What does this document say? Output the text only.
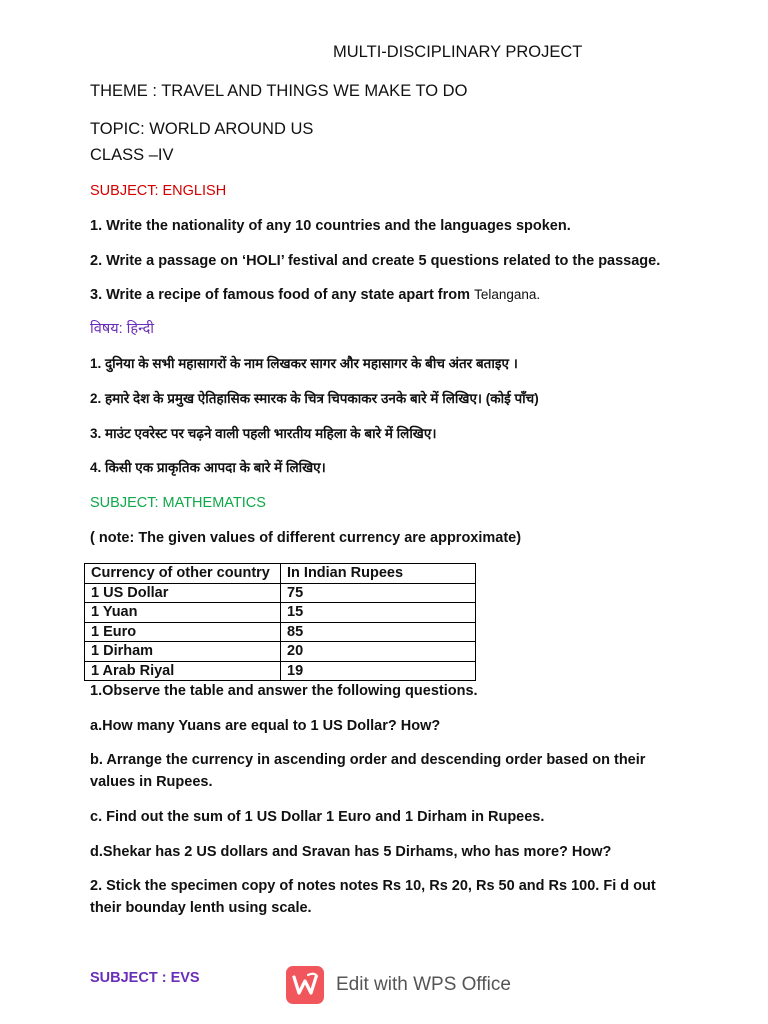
MULTI-DISCIPLINARY PROJECT
THEME : TRAVEL AND THINGS WE MAKE TO DO
TOPIC: WORLD AROUND US
CLASS –IV
SUBJECT: ENGLISH
1. Write the nationality of any 10 countries and the languages spoken.
2. Write a passage on ‘HOLI’ festival and create 5 questions related to the passage.
3. Write a recipe of famous food of any state apart from Telangana.
विषय: हिन्दी
1. दुनिया के सभी महासागरों के नाम लिखकर सागर और महासागर के बीच अंतर बताइए ।
2. हमारे देश के प्रमुख ऐतिहासिक स्मारक के चित्र चिपकाकर उनके बारे में लिखिए। (कोई पाँच)
3. माउंट एवरेस्ट पर चढ़ने वाली पहली भारतीय महिला के बारे में लिखिए।
4. किसी एक प्राकृतिक आपदा के बारे में लिखिए।
SUBJECT: MATHEMATICS
( note: The given values of different currency are approximate)
Currency of other country	In Indian Rupees
1 US Dollar	75
1 Yuan	15
1 Euro	85
1 Dirham	20
1 Arab Riyal	19
1.Observe the table and answer the following questions.
a.How many Yuans are equal to 1 US Dollar? How?
b. Arrange the currency in ascending order and descending order based on their values in Rupees.
c. Find out the sum of 1 US Dollar 1 Euro and 1 Dirham in Rupees.
d.Shekar has 2 US dollars and Sravan has 5 Dirhams, who has more? How?
2. Stick the specimen copy of notes notes Rs 10, Rs 20, Rs 50 and Rs 100. Fi d out their bounday lenth using scale.
SUBJECT : EVS	Edit with WPS Office
